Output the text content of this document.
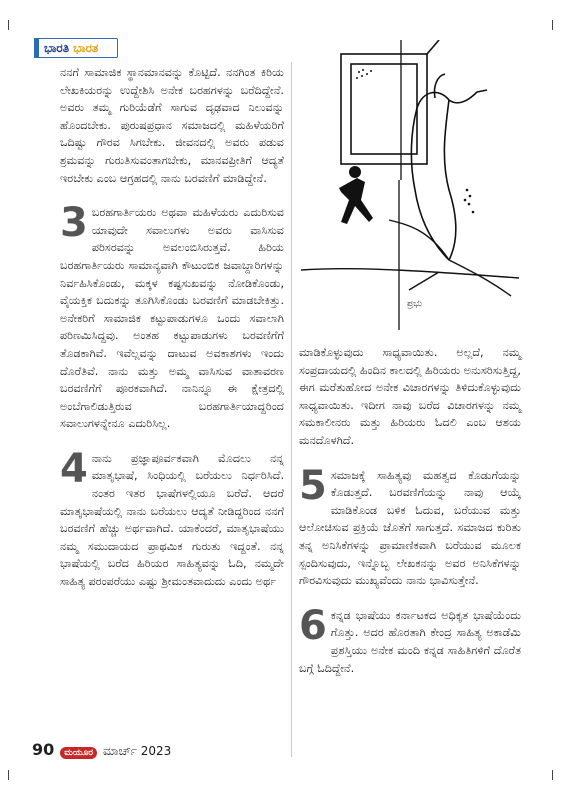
ಭಾರತಿ ಭಾರತ

ನನಗೆ ಸಾಮಾಜಿಕ ಸ್ಥಾನಮಾನವನ್ನು ಕೊಟ್ಟಿದೆ. ನನಗಿಂತ ಕಿರಿಯ ಲೇಖಕಿಯರನ್ನು ಉದ್ದೇಶಿಸಿ ಅನೇಕ ಬರಹಗಳನ್ನು ಬರೆದಿದ್ದೇನೆ. ಅವರು ತಮ್ಮ ಗುರಿಯೆಡೆಗೆ ಸಾಗುವ ದೃಢವಾದ ನಿಲುವನ್ನು ಹೊಂದಬೇಕು. ಪುರುಷಪ್ರಧಾನ ಸಮಾಜದಲ್ಲಿ ಮಹಿಳೆಯರಿಗೆ ಒದಿಷ್ಟು ಗೌರವ ಸಿಗಬೇಕು. ಜೀವನದಲ್ಲಿ ಅವರು ಪಡುವ ಶ್ರಮವನ್ನು ಗುರುತಿಸುವಂತಾಗಬೇಕು, ಮಾನವಪ್ರೀತಿಗೆ ಆದ್ಯತೆ ಇರಬೇಕು ಎಂಬ ಆಗ್ರಹದಲ್ಲಿ ನಾನು ಬರವಣಿಗೆ ಮಾಡಿದ್ದೇನೆ.

3 ಬರಹಗಾರ್ತಿಯರು ಅಥವಾ ಮಹಿಳೆಯರು ಎದುರಿಸುವ ಯಾವುದೇ ಸವಾಲುಗಳು ಅವರು ವಾಸಿಸುವ ಪರಿಸರವನ್ನು ಅವಲಂಬಿಸಿರುತ್ತವೆ. ಹಿರಿಯ ಬರಹಗಾರ್ತಿಯರು ಸಾಮಾನ್ಯವಾಗಿ ಕೌಟುಂಬಿಕ ಜವಾಬ್ದಾರಿಗಳನ್ನು ನಿರ್ವಹಿಸಿಕೊಂಡು, ಮಕ್ಕಳ ಕಷ್ಟಸುಖವನ್ನು ನೋಡಿಕೊಂಡು, ವೈಯಕ್ತಿಕ ಬದುಕನ್ನು ತೂಗಿಸಿಕೊಂಡು ಬರವಣಿಗೆ ಮಾಡಬೇಕಿತ್ತು. ಅನೇಕರಿಗೆ ಸಾಮಾಜಿಕ ಕಟ್ಟುಪಾಡುಗಳೂ ಒಂದು ಸವಾಲಾಗಿ ಪರಿಣಮಿಸಿದ್ದವು. ಅಂತಹ ಕಟ್ಟುಪಾಡುಗಳು ಬರವಣಿಗೆಗೆ ತೊಡಕಾಗಿವೆ. ಇವೆಲ್ಲವನ್ನು ದಾಟುವ ಅವಕಾಶಗಳು ಇಂದು ದೊರೆತಿವೆ. ನಾನು ಮತ್ತು ಅಮ್ಮ ವಾಸಿಸುವ ವಾತಾವರಣ ಬರವಣಿಗೆಗೆ ಪೂರಕವಾಗಿದೆ. ನಾನಿನ್ನೂ ಈ ಕ್ಷೇತ್ರದಲ್ಲಿ ಅಂಬೆಗಾಲಿಡುತ್ತಿರುವ ಬರಹಗಾರ್ತಿಯಾದ್ದರಿಂದ ಸವಾಲುಗಳನ್ನೇನೂ ಎದುರಿಸಿಲ್ಲ.

4 ನಾನು ಪ್ರಜ್ಞಾಪೂರ್ವಕವಾಗಿ ಮೊದಲು ನನ್ನ ಮಾತೃಭಾಷೆ, ಸಿಂಧಿಯಲ್ಲಿ ಬರೆಯಲು ನಿರ್ಧರಿಸಿದೆ. ನಂತರ ಇತರ ಭಾಷೆಗಳಲ್ಲಿಯೂ ಬರೆದೆ. ಆದರೆ ಮಾತೃಭಾಷೆಯಲ್ಲಿ ನಾನು ಬರೆಯಲು ಆದ್ಯತೆ ನೀಡಿದ್ದರಿಂದ ನನಗೆ ಬರವಣಿಗೆ ಹೆಚ್ಚು ಅರ್ಥವಾಗಿದೆ. ಯಾಕೆಂದರೆ, ಮಾತೃಭಾಷೆಯು ನಮ್ಮ ಸಮುದಾಯದ ಪ್ರಾಥಮಿಕ ಗುರುತು ಇದ್ದಂತೆ. ನನ್ನ ಭಾಷೆಯಲ್ಲಿ ಬರೆದ ಹಿರಿಯರ ಸಾಹಿತ್ಯವನ್ನು ಓದಿ, ನಮ್ಮದೇ ಸಾಹಿತ್ಯ ಪರಂಪರೆಯು ಎಷ್ಟು ಶ್ರೀಮಂತವಾದುದು ಎಂದು ಅರ್ಥ

ಪ್ರಭು

ಮಾಡಿಕೊಳ್ಳುವುದು ಸಾಧ್ಯವಾಯಿತು. ಅಲ್ಲದೆ, ನಮ್ಮ ಸಂಪ್ರದಾಯದಲ್ಲಿ ಹಿಂದಿನ ಕಾಲದಲ್ಲಿ ಹಿರಿಯರು ಅನುಸರಿಸುತ್ತಿದ್ದ, ಈಗ ಮರೆತುಹೋದ ಅನೇಕ ವಿಚಾರಗಳನ್ನು ತಿಳಿದುಕೊಳ್ಳುವುದು ಸಾಧ್ಯವಾಯಿತು. ಇದೀಗ ನಾವು ಬರೆದ ವಿಚಾರಗಳನ್ನು ನಮ್ಮ ಸಮಕಾಲೀನರು ಮತ್ತು ಹಿರಿಯರು ಓದಲಿ ಎಂಬ ಆಶಯ ಮನದೊಳಗಿದೆ.

5 ಸಮಾಜಕ್ಕೆ ಸಾಹಿತ್ಯವು ಮಹತ್ವದ ಕೊಡುಗೆಯನ್ನು ಕೊಡುತ್ತದೆ. ಬರವಣಿಗೆಯನ್ನು ನಾವು ಆಯ್ಕೆ ಮಾಡಿಕೊಂಡ ಬಳಿಕ ಓದುವ, ಬರೆಯುವ ಮತ್ತು ಆಲೋಚಿಸುವ ಪ್ರಕ್ರಿಯೆ ಜೊತೆಗೆ ಸಾಗುತ್ತದೆ. ಸಮಾಜದ ಕುರಿತು ತನ್ನ ಅನಿಸಿಕೆಗಳನ್ನು ಪ್ರಾಮಾಣಿಕವಾಗಿ ಬರೆಯುವ ಮೂಲಕ ಸ್ಪಂದಿಸುವುದು, ಇನ್ನೊಬ್ಬ ಲೇಖಕನನ್ನು ಅವರ ಅನಿಸಿಕೆಗಳನ್ನು ಗೌರವಿಸುವುದು ಮುಖ್ಯವೆಂದು ನಾನು ಭಾವಿಸುತ್ತೇನೆ.

6 ಕನ್ನಡ ಭಾಷೆಯು ಕರ್ನಾಟಕದ ಅಧಿಕೃತ ಭಾಷೆಯೆಂದು ಗೊತ್ತು. ಅದರ ಹೊರತಾಗಿ ಕೇಂದ್ರ ಸಾಹಿತ್ಯ ಅಕಾಡೆಮಿ ಪ್ರಶಸ್ತಿಯು ಅನೇಕ ಮಂದಿ ಕನ್ನಡ ಸಾಹಿತಿಗಳಿಗೆ ದೊರೆತ ಬಗ್ಗೆ ಓದಿದ್ದೇನೆ.

90	ಮಯೂರ ಮಾರ್ಚ್ 2023
